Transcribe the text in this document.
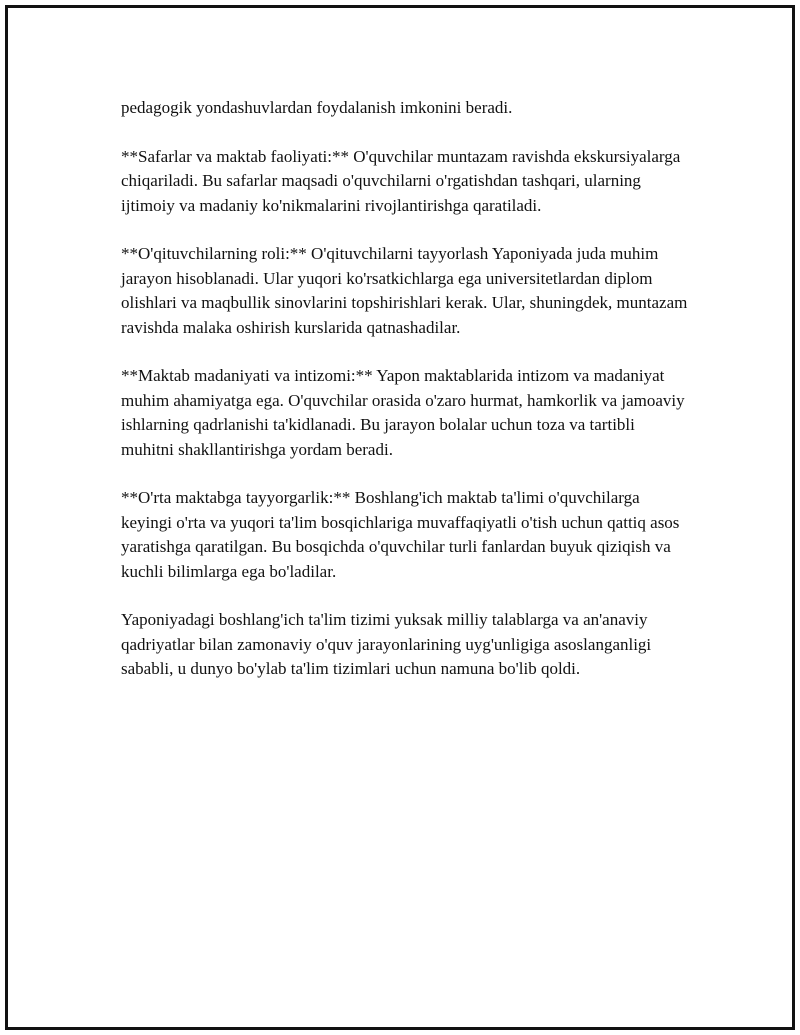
pedagogik yondashuvlardan foydalanish imkonini beradi.

**Safarlar va maktab faoliyati:** O'quvchilar muntazam ravishda ekskursiyalarga chiqariladi. Bu safarlar maqsadi o'quvchilarni o'rgatishdan tashqari, ularning ijtimoiy va madaniy ko'nikmalarini rivojlantirishga qaratiladi.

**O'qituvchilarning roli:** O'qituvchilarni tayyorlash Yaponiyada juda muhim jarayon hisoblanadi. Ular yuqori ko'rsatkichlarga ega universitetlardan diplom olishlari va maqbullik sinovlarini topshirishlari kerak. Ular, shuningdek, muntazam ravishda malaka oshirish kurslarida qatnashadilar.

**Maktab madaniyati va intizomi:** Yapon maktablarida intizom va madaniyat muhim ahamiyatga ega. O'quvchilar orasida o'zaro hurmat, hamkorlik va jamoaviy ishlarning qadrlanishi ta'kidlanadi. Bu jarayon bolalar uchun toza va tartibli muhitni shakllantirishga yordam beradi.

**O'rta maktabga tayyorgarlik:** Boshlang'ich maktab ta'limi o'quvchilarga keyingi o'rta va yuqori ta'lim bosqichlariga muvaffaqiyatli o'tish uchun qattiq asos yaratishga qaratilgan. Bu bosqichda o'quvchilar turli fanlardan buyuk qiziqish va kuchli bilimlarga ega bo'ladilar.

Yaponiyadagi boshlang'ich ta'lim tizimi yuksak milliy talablarga va an'anaviy qadriyatlar bilan zamonaviy o'quv jarayonlarining uyg'unligiga asoslanganligi sababli, u dunyo bo'ylab ta'lim tizimlari uchun namuna bo'lib qoldi.
